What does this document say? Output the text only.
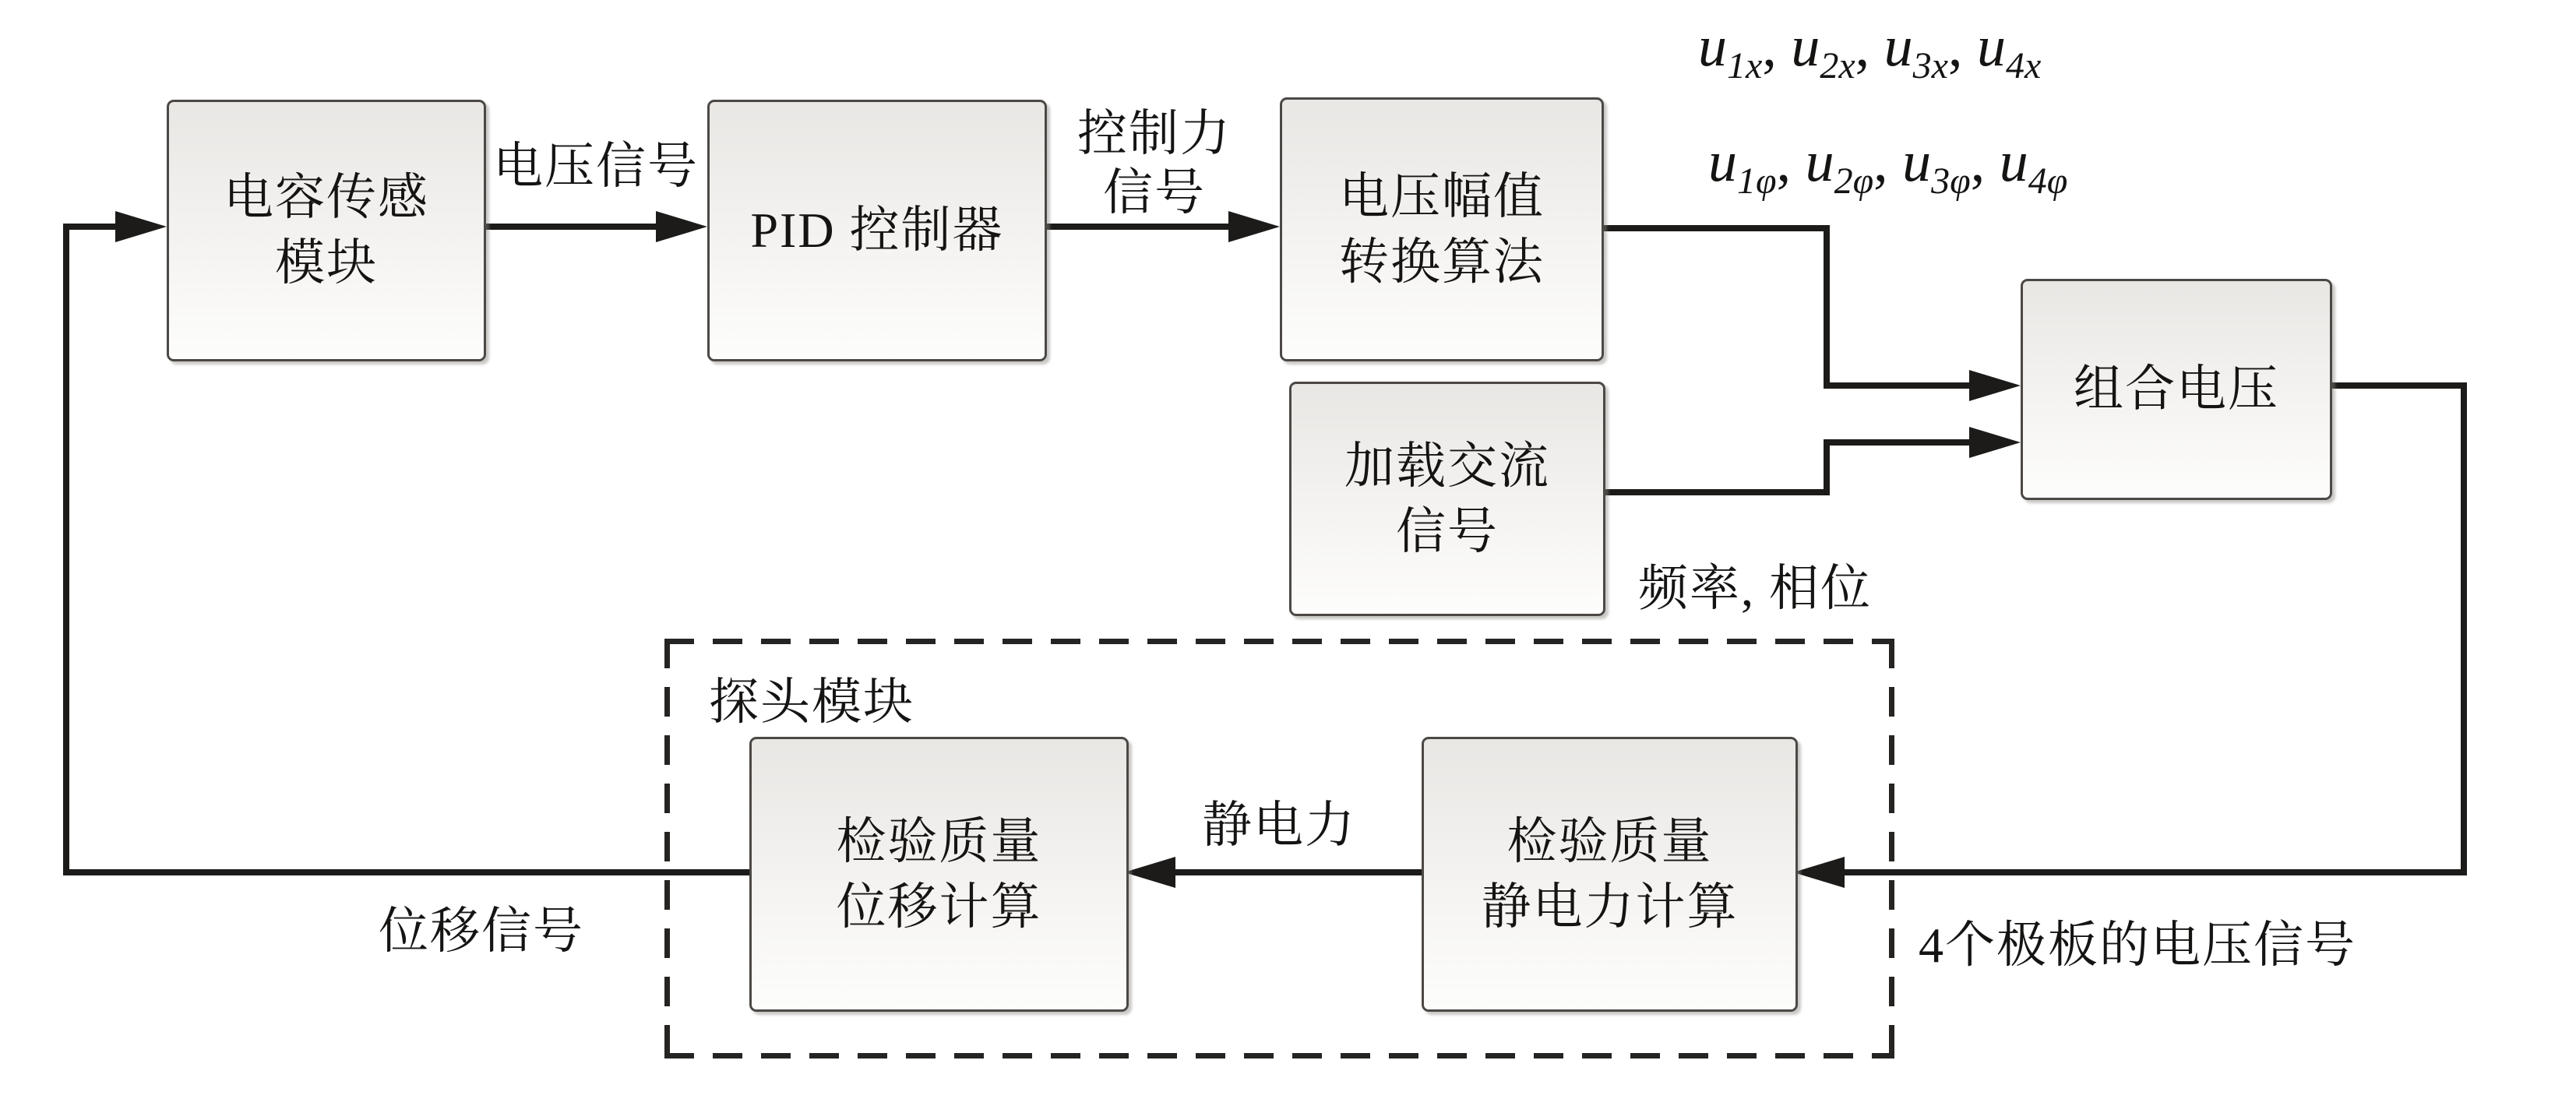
电容传感
模块
PID 控制器
电压幅值
转换算法
加载交流
信号
组合电压
检验质量
位移计算
检验质量
静电力计算
电压信号
控制力
信号
$u_{1x}$, $u_{2x}$, $u_{3x}$, $u_{4x}$
$u_{1\varphi}$, $u_{2\varphi}$, $u_{3\varphi}$, $u_{4\varphi}$
频率, 相位
探头模块
静电力
位移信号	4个极板的电压信号
